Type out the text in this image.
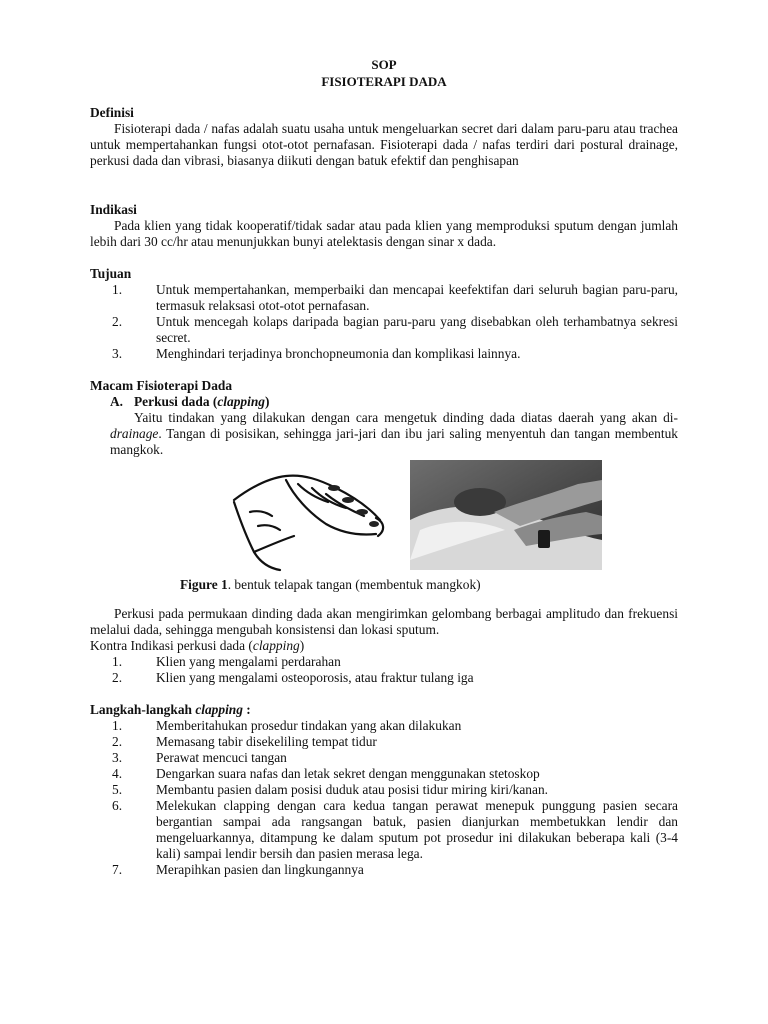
SOP
FISIOTERAPI DADA
Definisi
Fisioterapi dada / nafas adalah suatu usaha untuk mengeluarkan secret dari dalam paru-paru atau trachea untuk mempertahankan fungsi otot-otot pernafasan. Fisioterapi dada / nafas terdiri dari postural drainage, perkusi dada dan vibrasi, biasanya diikuti dengan batuk efektif dan penghisapan
Indikasi
Pada klien yang tidak kooperatif/tidak sadar atau pada klien yang memproduksi sputum dengan jumlah lebih dari 30 cc/hr atau menunjukkan bunyi atelektasis dengan sinar x dada.
Tujuan
1.	Untuk mempertahankan, memperbaiki dan mencapai keefektifan dari seluruh bagian paru-paru, termasuk relaksasi otot-otot pernafasan.
2.	Untuk mencegah kolaps daripada bagian paru-paru yang disebabkan oleh terhambatnya sekresi secret.
3.	Menghindari terjadinya bronchopneumonia dan komplikasi lainnya.
Macam Fisioterapi Dada
A. Perkusi dada (clapping)
Yaitu tindakan yang dilakukan dengan cara mengetuk dinding dada diatas daerah yang akan di-drainage. Tangan di posisikan, sehingga jari-jari dan ibu jari saling menyentuh dan tangan membentuk mangkok.
Figure 1. bentuk telapak tangan (membentuk mangkok)
Perkusi pada permukaan dinding dada akan mengirimkan gelombang berbagai amplitudo dan frekuensi melalui dada, sehingga mengubah konsistensi dan lokasi sputum.
Kontra Indikasi perkusi dada (clapping)
1.	Klien yang mengalami perdarahan
2.	Klien yang mengalami osteoporosis, atau fraktur tulang iga
Langkah-langkah clapping :
1.	Memberitahukan prosedur tindakan yang akan dilakukan
2.	Memasang tabir disekeliling tempat tidur
3.	Perawat mencuci tangan
4.	Dengarkan suara nafas dan letak sekret dengan menggunakan stetoskop
5.	Membantu pasien dalam posisi duduk atau posisi tidur miring kiri/kanan.
6.	Melekukan clapping dengan cara kedua tangan perawat menepuk punggung pasien secara bergantian sampai ada rangsangan batuk, pasien dianjurkan membetukkan lendir dan mengeluarkannya, ditampung ke dalam sputum pot prosedur ini dilakukan beberapa kali (3-4 kali) sampai lendir bersih dan pasien merasa lega.
7.	Merapihkan pasien dan lingkungannya
